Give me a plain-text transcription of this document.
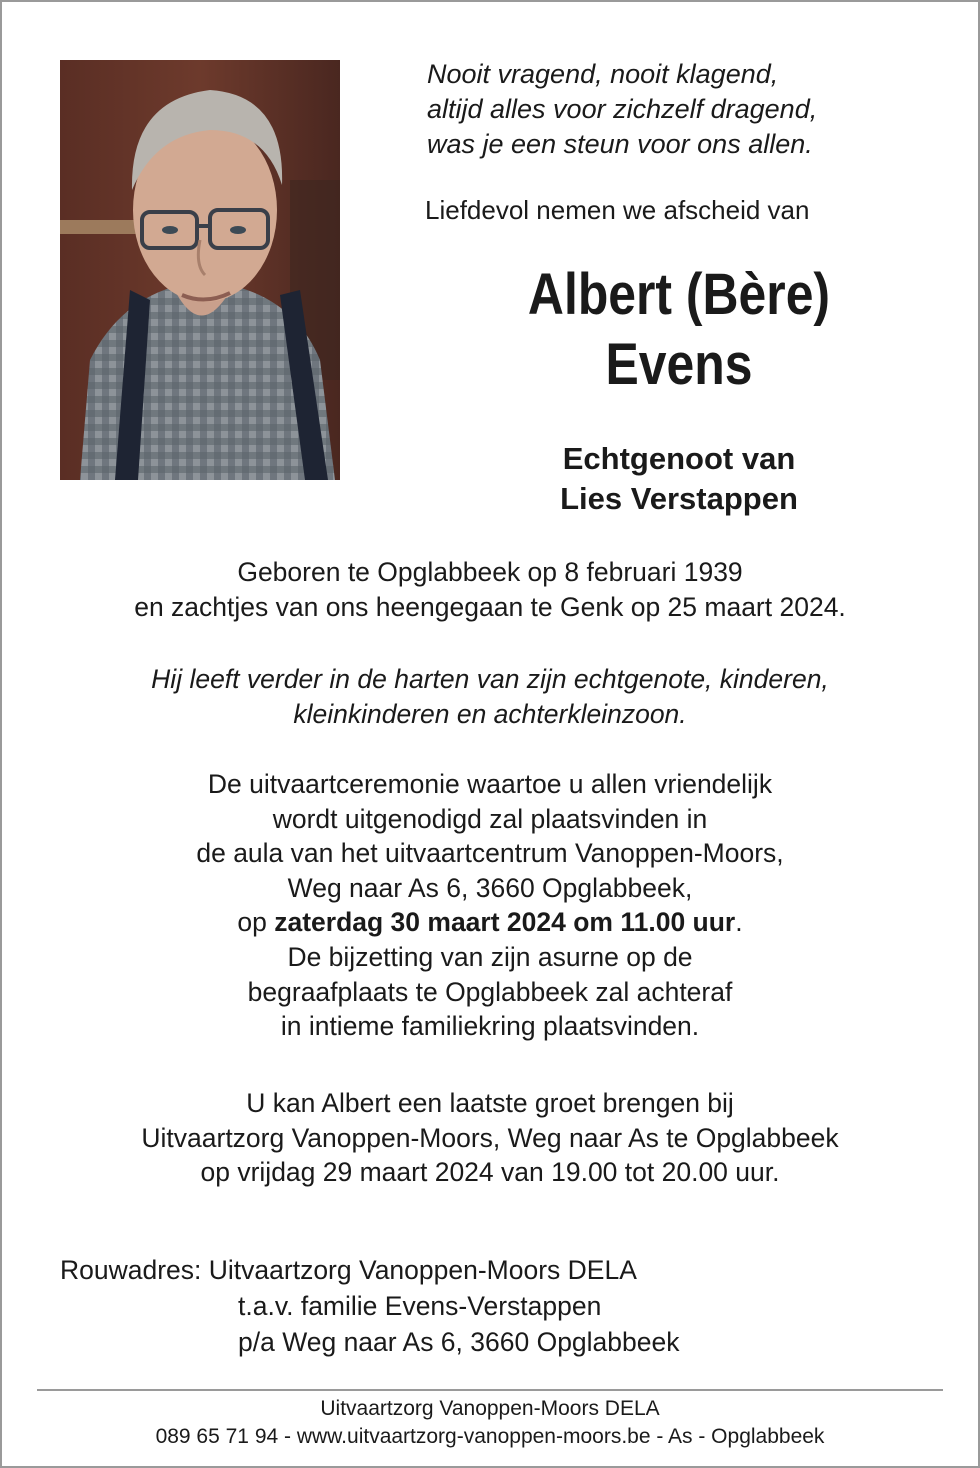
Nooit vragend, nooit klagend,
altijd alles voor zichzelf dragend,
was je een steun voor ons allen.
Liefdevol nemen we afscheid van
Albert (Bère)
Evens
Echtgenoot van
Lies Verstappen
Geboren te Opglabbeek op 8 februari 1939
en zachtjes van ons heengegaan te Genk op 25 maart 2024.
Hij leeft verder in de harten van zijn echtgenote, kinderen,
kleinkinderen en achterkleinzoon.
De uitvaartceremonie waartoe u allen vriendelijk
wordt uitgenodigd zal plaatsvinden in
de aula van het uitvaartcentrum Vanoppen-Moors,
Weg naar As 6, 3660 Opglabbeek,
op zaterdag 30 maart 2024 om 11.00 uur.
De bijzetting van zijn asurne op de
begraafplaats te Opglabbeek zal achteraf
in intieme familiekring plaatsvinden.
U kan Albert een laatste groet brengen bij
Uitvaartzorg Vanoppen-Moors, Weg naar As te Opglabbeek
op vrijdag 29 maart 2024 van 19.00 tot 20.00 uur.
Rouwadres: Uitvaartzorg Vanoppen-Moors DELA
t.a.v. familie Evens-Verstappen
p/a Weg naar As 6, 3660 Opglabbeek
Uitvaartzorg Vanoppen-Moors DELA
089 65 71 94 - www.uitvaartzorg-vanoppen-moors.be - As - Opglabbeek
